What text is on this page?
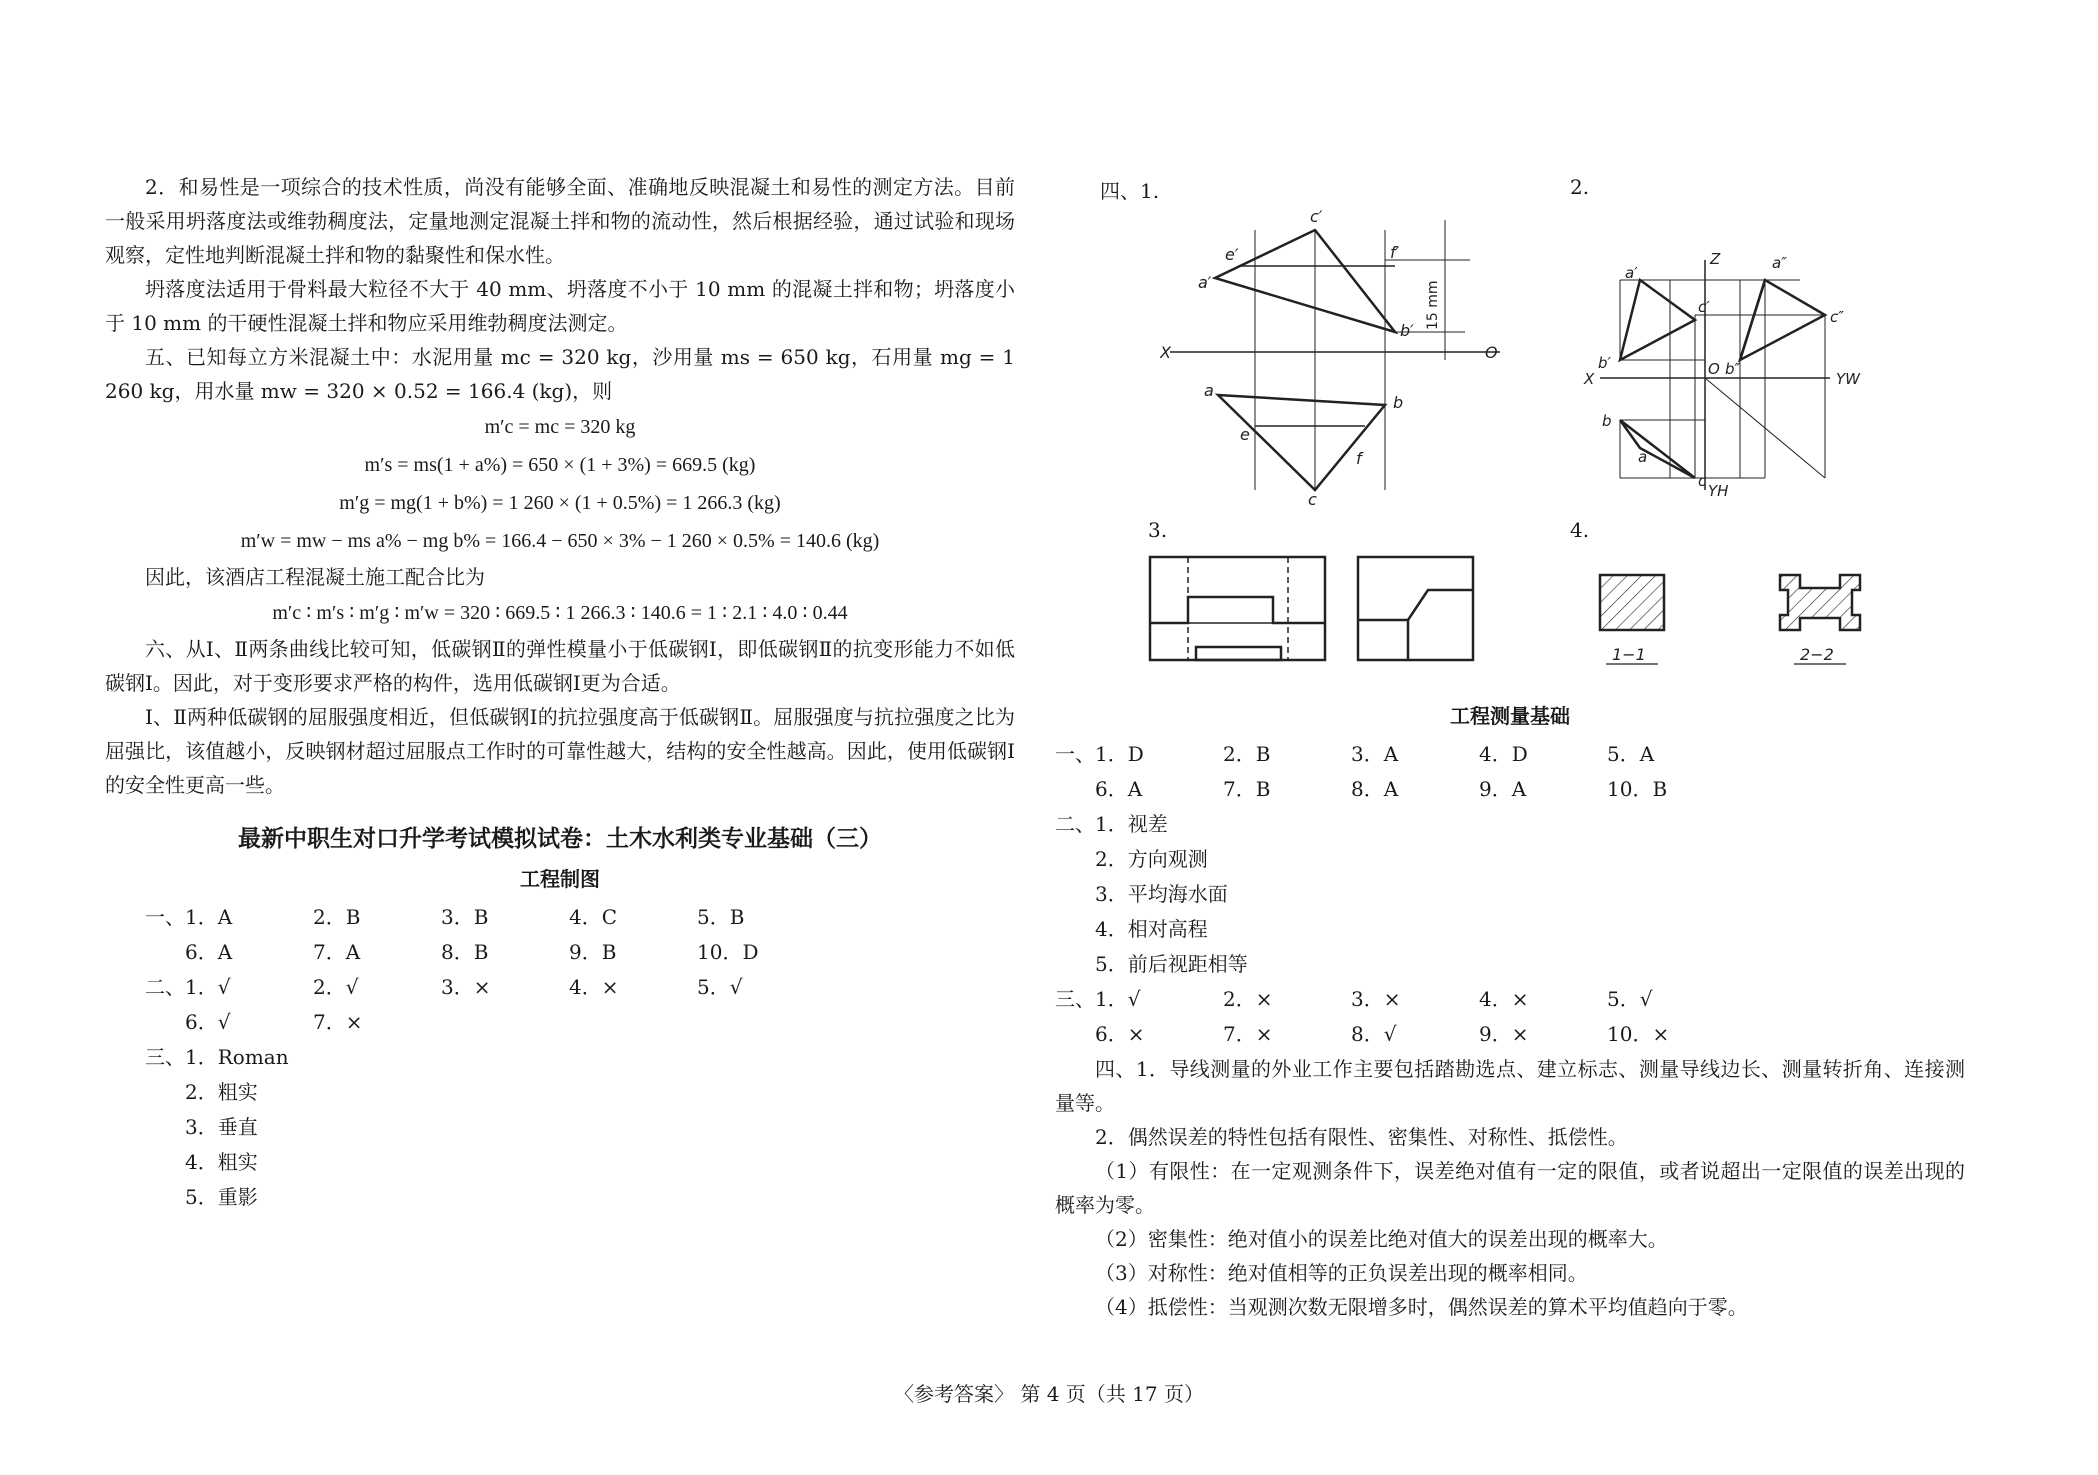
2．和易性是一项综合的技术性质，尚没有能够全面、准确地反映混凝土和易性的测定方法。目前一般采用坍落度法或维勃稠度法，定量地测定混凝土拌和物的流动性，然后根据经验，通过试验和现场观察，定性地判断混凝土拌和物的黏聚性和保水性。

坍落度法适用于骨料最大粒径不大于 40 mm、坍落度不小于 10 mm 的混凝土拌和物；坍落度小于 10 mm 的干硬性混凝土拌和物应采用维勃稠度法测定。

五、已知每立方米混凝土中：水泥用量 mc = 320 kg，沙用量 ms = 650 kg，石用量 mg = 1 260 kg，用水量 mw = 320 × 0.52 = 166.4 (kg)，则

m′c = mc = 320 kg

m′s = ms(1 + a%) = 650 × (1 + 3%) = 669.5 (kg)

m′g = mg(1 + b%) = 1 260 × (1 + 0.5%) = 1 266.3 (kg)

m′w = mw − ms a% − mg b% = 166.4 − 650 × 3% − 1 260 × 0.5% = 140.6 (kg)

因此，该酒店工程混凝土施工配合比为

m′c ∶ m′s ∶ m′g ∶ m′w = 320 ∶ 669.5 ∶ 1 266.3 ∶ 140.6 = 1 ∶ 2.1 ∶ 4.0 ∶ 0.44

六、从Ⅰ、Ⅱ两条曲线比较可知，低碳钢Ⅱ的弹性模量小于低碳钢Ⅰ，即低碳钢Ⅱ的抗变形能力不如低碳钢Ⅰ。因此，对于变形要求严格的构件，选用低碳钢Ⅰ更为合适。

Ⅰ、Ⅱ两种低碳钢的屈服强度相近，但低碳钢Ⅰ的抗拉强度高于低碳钢Ⅱ。屈服强度与抗拉强度之比为屈强比，该值越小，反映钢材超过屈服点工作时的可靠性越大，结构的安全性越高。因此，使用低碳钢Ⅰ的安全性更高一些。

最新中职生对口升学考试模拟试卷：土木水利类专业基础（三）
工程制图
一、 1．A	2．B	3．B	4．C	5．B
6．A	7．A	8．B	9．B	10．D
二、 1．√	2．√	3．×	4．×	5．√
6．√	7．×
三、1．Roman
2．粗实
3．垂直
4．粗实
5．重影
四、1.	2.
c′
e′	f′
a′
b′
X	O
a
b
e
f
c
15 mm
a′
Z	a″
c′
c″
b′
X
O b″
YW
b
a
c
YH
3.	4.
1−1	2−2
工程测量基础
一、 1．D	2．B	3．A	4．D	5．A
6．A	7．B	8．A	9．A	10．B
二、1．视差
2．方向观测
3．平均海水面
4．相对高程
5．前后视距相等
三、 1．√	2．×	3．×	4．×	5．√
6．×	7．×	8．√	9．×	10．×

四、1．导线测量的外业工作主要包括踏勘选点、建立标志、测量导线边长、测量转折角、连接测量等。

2．偶然误差的特性包括有限性、密集性、对称性、抵偿性。

（1）有限性：在一定观测条件下，误差绝对值有一定的限值，或者说超出一定限值的误差出现的概率为零。

（2）密集性：绝对值小的误差比绝对值大的误差出现的概率大。

（3）对称性：绝对值相等的正负误差出现的概率相同。

（4）抵偿性：当观测次数无限增多时，偶然误差的算术平均值趋向于零。

〈参考答案〉 第 4 页（共 17 页）
